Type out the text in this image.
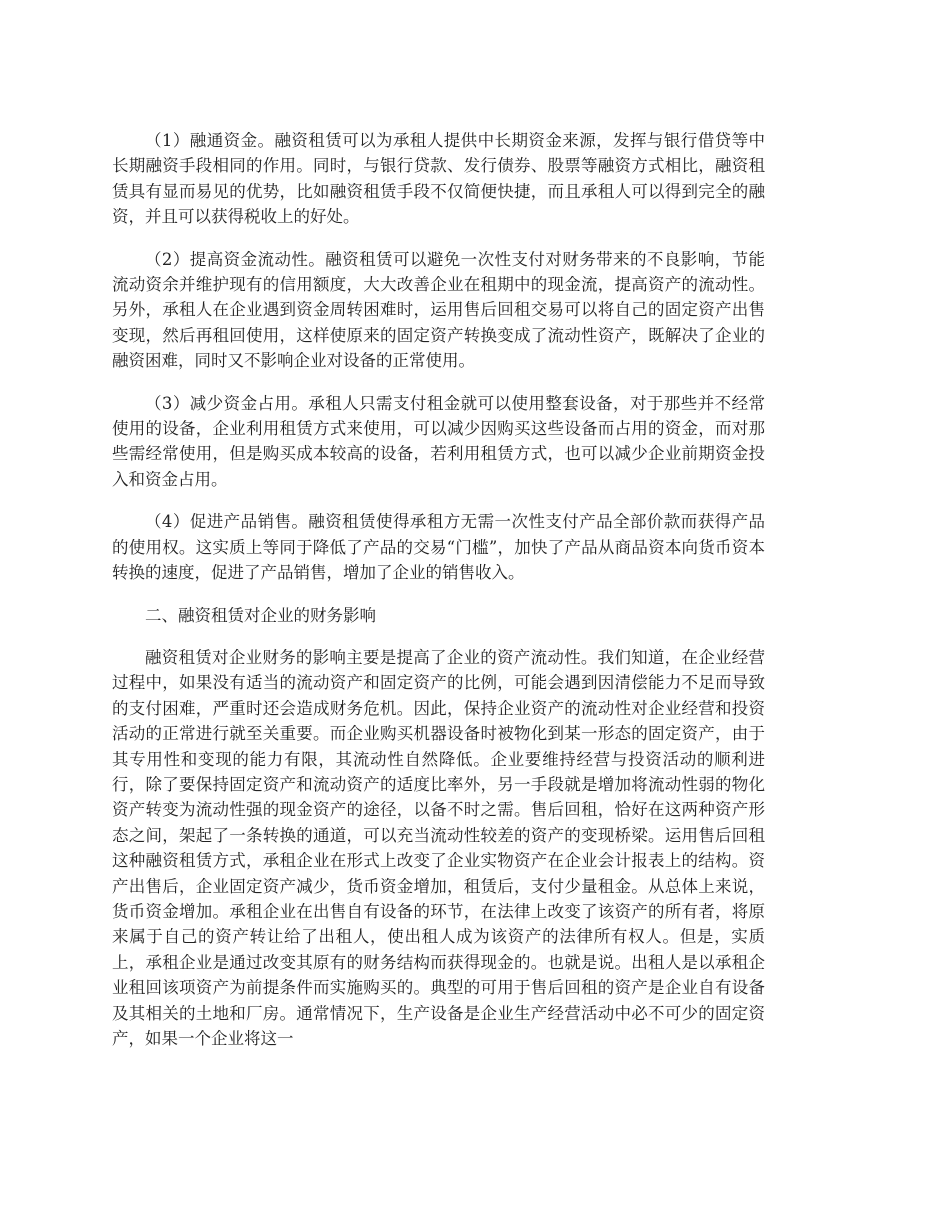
（1）融通资金。融资租赁可以为承租人提供中长期资金来源，发挥与银行借贷等中长期融资手段相同的作用。同时，与银行贷款、发行债券、股票等融资方式相比，融资租赁具有显而易见的优势，比如融资租赁手段不仅简便快捷，而且承租人可以得到完全的融资，并且可以获得税收上的好处。

（2）提高资金流动性。融资租赁可以避免一次性支付对财务带来的不良影响，节能流动资余并维护现有的信用额度，大大改善企业在租期中的现金流，提高资产的流动性。另外，承租人在企业遇到资金周转困难时，运用售后回租交易可以将自己的固定资产出售变现，然后再租回使用，这样使原来的固定资产转换变成了流动性资产，既解决了企业的融资困难，同时又不影响企业对设备的正常使用。

（3）减少资金占用。承租人只需支付租金就可以使用整套设备，对于那些并不经常使用的设备，企业利用租赁方式来使用，可以减少因购买这些设备而占用的资金，而对那些需经常使用，但是购买成本较高的设备，若利用租赁方式，也可以减少企业前期资金投入和资金占用。

（4）促进产品销售。融资租赁使得承租方无需一次性支付产品全部价款而获得产品的使用权。这实质上等同于降低了产品的交易“门槛”，加快了产品从商品资本向货币资本转换的速度，促进了产品销售，增加了企业的销售收入。

二、融资租赁对企业的财务影响

融资租赁对企业财务的影响主要是提高了企业的资产流动性。我们知道，在企业经营过程中，如果没有适当的流动资产和固定资产的比例，可能会遇到因清偿能力不足而导致的支付困难，严重时还会造成财务危机。因此，保持企业资产的流动性对企业经营和投资活动的正常进行就至关重要。而企业购买机器设备时被物化到某一形态的固定资产，由于其专用性和变现的能力有限，其流动性自然降低。企业要维持经营与投资活动的顺利进行，除了要保持固定资产和流动资产的适度比率外，另一手段就是增加将流动性弱的物化资产转变为流动性强的现金资产的途径，以备不时之需。售后回租，恰好在这两种资产形态之间，架起了一条转换的通道，可以充当流动性较差的资产的变现桥梁。运用售后回租这种融资租赁方式，承租企业在形式上改变了企业实物资产在企业会计报表上的结构。资产出售后，企业固定资产减少，货币资金增加，租赁后，支付少量租金。从总体上来说，货币资金增加。承租企业在出售自有设备的环节，在法律上改变了该资产的所有者，将原来属于自己的资产转让给了出租人，使出租人成为该资产的法律所有权人。但是，实质上，承租企业是通过改变其原有的财务结构而获得现金的。也就是说。出租人是以承租企业租回该项资产为前提条件而实施购买的。典型的可用于售后回租的资产是企业自有设备及其相关的土地和厂房。通常情况下，生产设备是企业生产经营活动中必不可少的固定资产，如果一个企业将这一
